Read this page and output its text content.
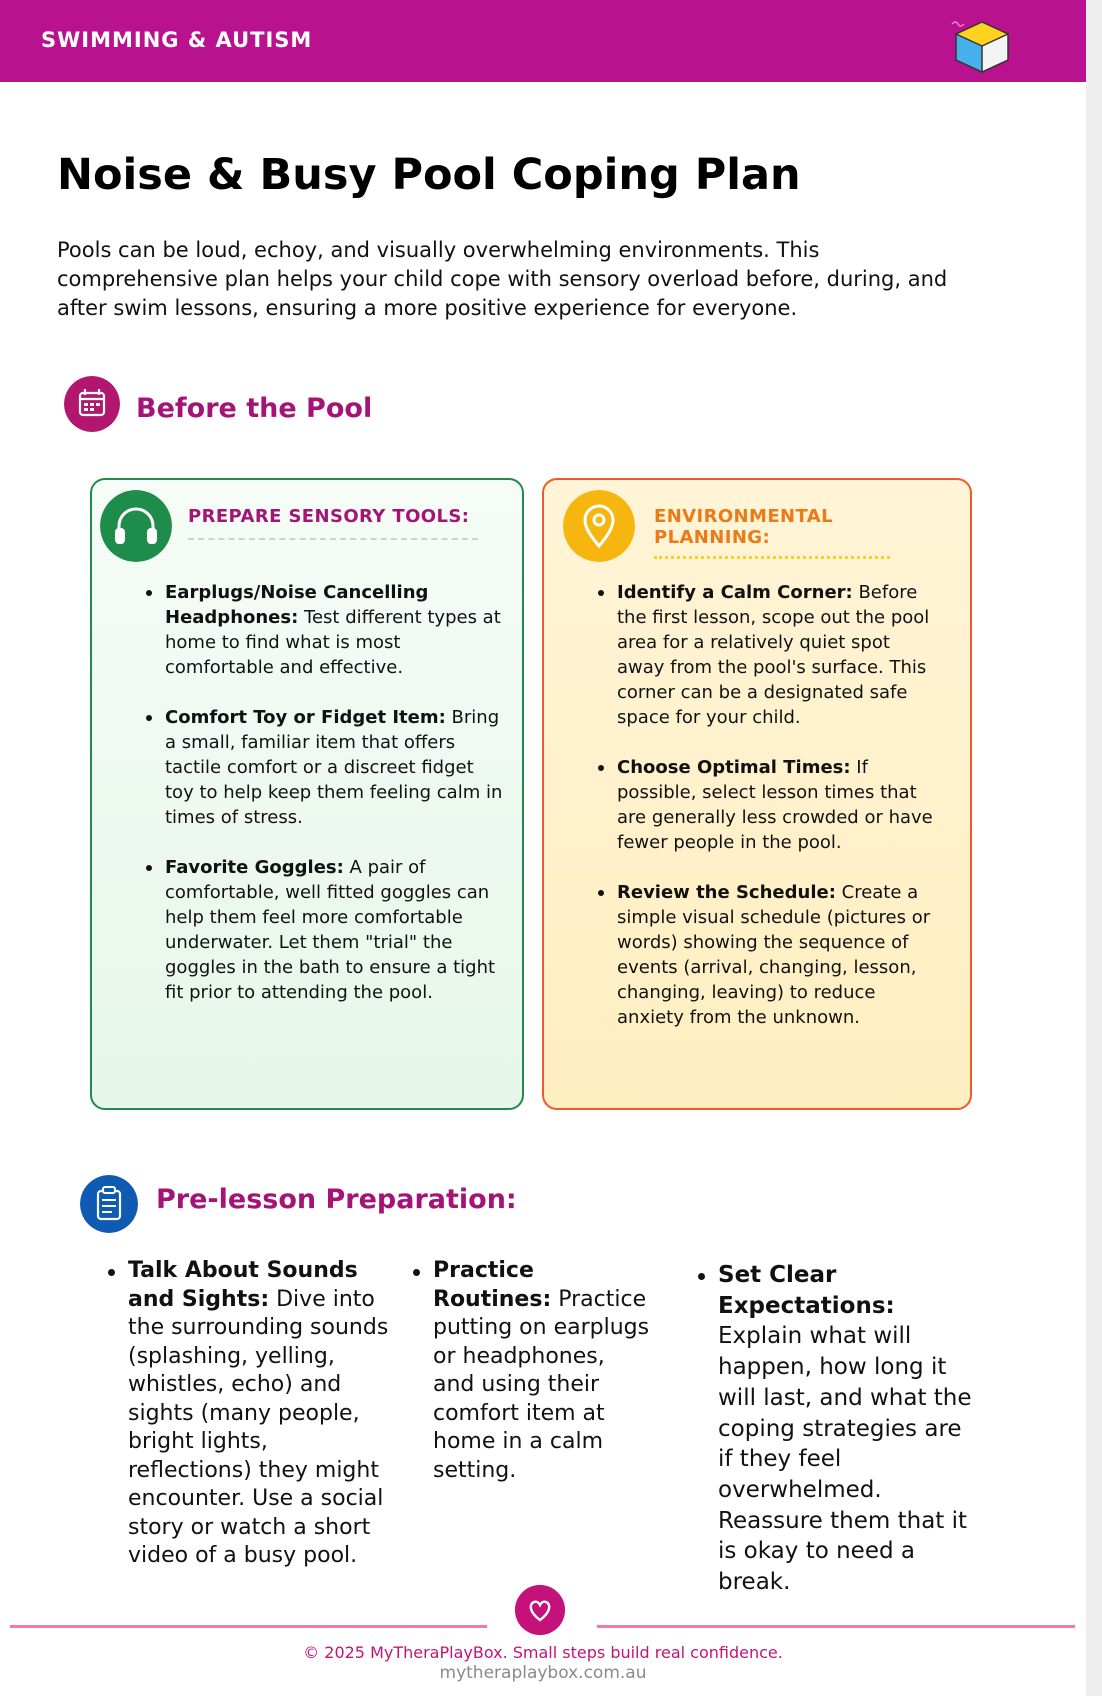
SWIMMING & AUTISM
Noise & Busy Pool Coping Plan

Pools can be loud, echoy, and visually overwhelming environments. This comprehensive plan helps your child cope with sensory overload before, during, and after swim lessons, ensuring a more positive experience for everyone.

Before the Pool
PREPARE SENSORY TOOLS:
Earplugs/Noise Cancelling Headphones: Test different types at home to find what is most comfortable and effective.
Comfort Toy or Fidget Item: Bring a small, familiar item that offers tactile comfort or a discreet fidget toy to help keep them feeling calm in times of stress.
Favorite Goggles: A pair of comfortable, well fitted goggles can help them feel more comfortable underwater. Let them "trial" the goggles in the bath to ensure a tight fit prior to attending the pool.
ENVIRONMENTAL
PLANNING:
Identify a Calm Corner: Before the first lesson, scope out the pool area for a relatively quiet spot away from the pool's surface. This corner can be a designated safe space for your child.
Choose Optimal Times: If possible, select lesson times that are generally less crowded or have fewer people in the pool.
Review the Schedule: Create a simple visual schedule (pictures or words) showing the sequence of events (arrival, changing, lesson, changing, leaving) to reduce anxiety from the unknown.
Pre-lesson Preparation:
Talk About Sounds and Sights: Dive into the surrounding sounds (splashing, yelling, whistles, echo) and sights (many people, bright lights, reflections) they might encounter. Use a social story or watch a short video of a busy pool.
Practice Routines: Practice putting on earplugs or headphones, and using their comfort item at home in a calm setting.
Set Clear Expectations: Explain what will happen, how long it will last, and what the coping strategies are if they feel overwhelmed. Reassure them that it is okay to need a break.
© 2025 MyTheraPlayBox. Small steps build real confidence.
mytheraplaybox.com.au
